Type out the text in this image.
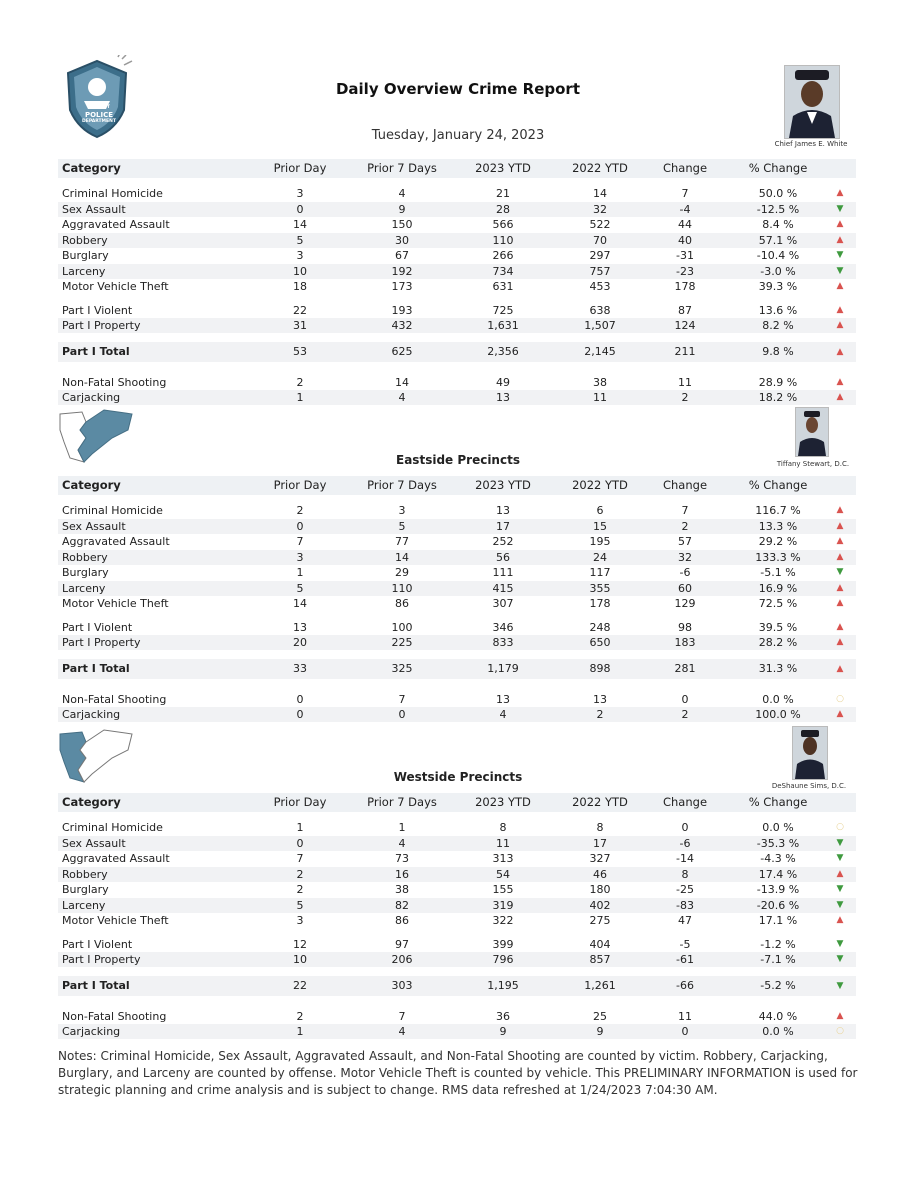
DETROIT
POLICE
DEPARTMENT
Daily Overview Crime Report
Tuesday, January 24, 2023
Chief James E. White
Eastside Precincts	Tiffany Stewart, D.C.
Westside Precincts
DeShaune Sims, D.C.
Category	Prior Day	Prior 7 Days	2023 YTD	2022 YTD	Change	% Change
Criminal Homicide	3	4	21	14	7	50.0 %	▲
Sex Assault	0	9	28	32	-4	-12.5 %	▼
Aggravated Assault	14	150	566	522	44	8.4 %	▲
Robbery	5	30	110	70	40	57.1 %	▲
Burglary	3	67	266	297	-31	-10.4 %	▼
Larceny	10	192	734	757	-23	-3.0 %	▼
Motor Vehicle Theft	18	173	631	453	178	39.3 %	▲
Part I Violent	22	193	725	638	87	13.6 %	▲
Part I Property	31	432	1,631	1,507	124	8.2 %	▲
Part I Total	53	625	2,356	2,145	211	9.8 %	▲
Non-Fatal Shooting	2	14	49	38	11	28.9 %	▲
Carjacking	1	4	13	11	2	18.2 %	▲
Category	Prior Day	Prior 7 Days	2023 YTD	2022 YTD	Change	% Change
Criminal Homicide	2	3	13	6	7	116.7 %	▲
Sex Assault	0	5	17	15	2	13.3 %	▲
Aggravated Assault	7	77	252	195	57	29.2 %	▲
Robbery	3	14	56	24	32	133.3 %	▲
Burglary	1	29	111	117	-6	-5.1 %	▼
Larceny	5	110	415	355	60	16.9 %	▲
Motor Vehicle Theft	14	86	307	178	129	72.5 %	▲
Part I Violent	13	100	346	248	98	39.5 %	▲
Part I Property	20	225	833	650	183	28.2 %	▲
Part I Total	33	325	1,179	898	281	31.3 %	▲
Non-Fatal Shooting	0	7	13	13	0	0.0 %	○
Carjacking	0	0	4	2	2	100.0 %	▲
Category	Prior Day	Prior 7 Days	2023 YTD	2022 YTD	Change	% Change
Criminal Homicide	1	1	8	8	0	0.0 %	○
Sex Assault	0	4	11	17	-6	-35.3 %	▼
Aggravated Assault	7	73	313	327	-14	-4.3 %	▼
Robbery	2	16	54	46	8	17.4 %	▲
Burglary	2	38	155	180	-25	-13.9 %	▼
Larceny	5	82	319	402	-83	-20.6 %	▼
Motor Vehicle Theft	3	86	322	275	47	17.1 %	▲
Part I Violent	12	97	399	404	-5	-1.2 %	▼
Part I Property	10	206	796	857	-61	-7.1 %	▼
Part I Total	22	303	1,195	1,261	-66	-5.2 %	▼
Non-Fatal Shooting	2	7	36	25	11	44.0 %	▲
Carjacking	1	4	9	9	0	0.0 %	○
Notes: Criminal Homicide, Sex Assault, Aggravated Assault, and Non-Fatal Shooting are counted by victim. Robbery, Carjacking, Burglary, and Larceny are counted by offense. Motor Vehicle Theft is counted by vehicle. This PRELIMINARY INFORMATION is used for strategic planning and crime analysis and is subject to change. RMS data refreshed at 1/24/2023 7:04:30 AM.
